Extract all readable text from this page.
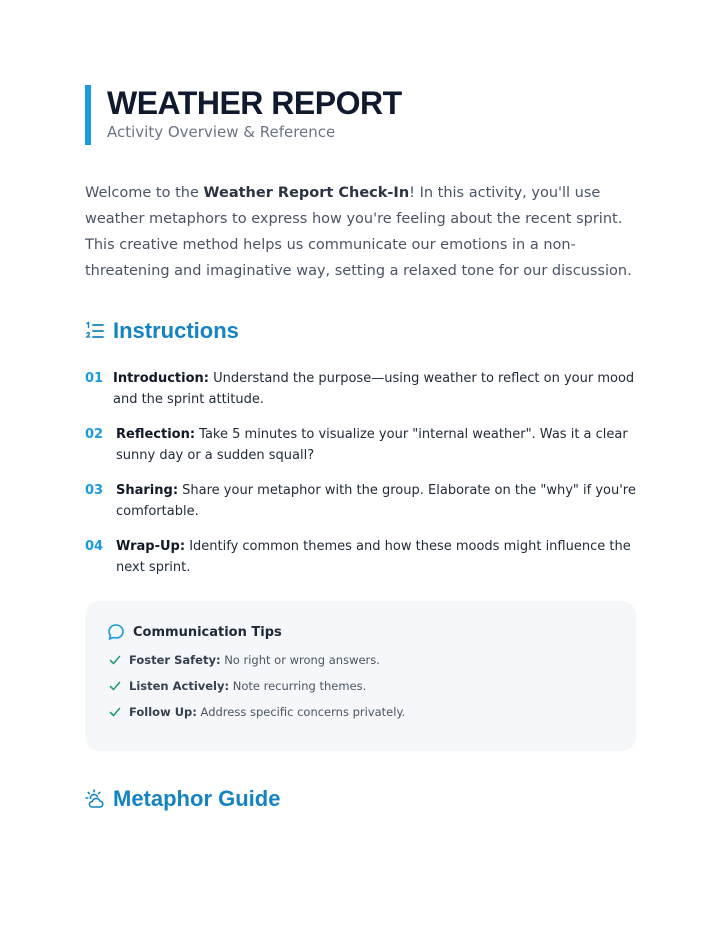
WEATHER REPORT
Activity Overview & Reference

Welcome to the Weather Report Check-In! In this activity, you'll use weather metaphors to express how you're feeling about the recent sprint. This creative method helps us communicate our emotions in a non-threatening and imaginative way, setting a relaxed tone for our discussion.

Instructions
01 Introduction: Understand the purpose—using weather to reflect on your mood and the sprint attitude.
02 Reflection: Take 5 minutes to visualize your "internal weather". Was it a clear sunny day or a sudden squall?
03 Sharing: Share your metaphor with the group. Elaborate on the "why" if you're comfortable.
04 Wrap-Up: Identify common themes and how these moods might influence the next sprint.
Communication Tips
Foster Safety: No right or wrong answers.
Listen Actively: Note recurring themes.
Follow Up: Address specific concerns privately.
Metaphor Guide
